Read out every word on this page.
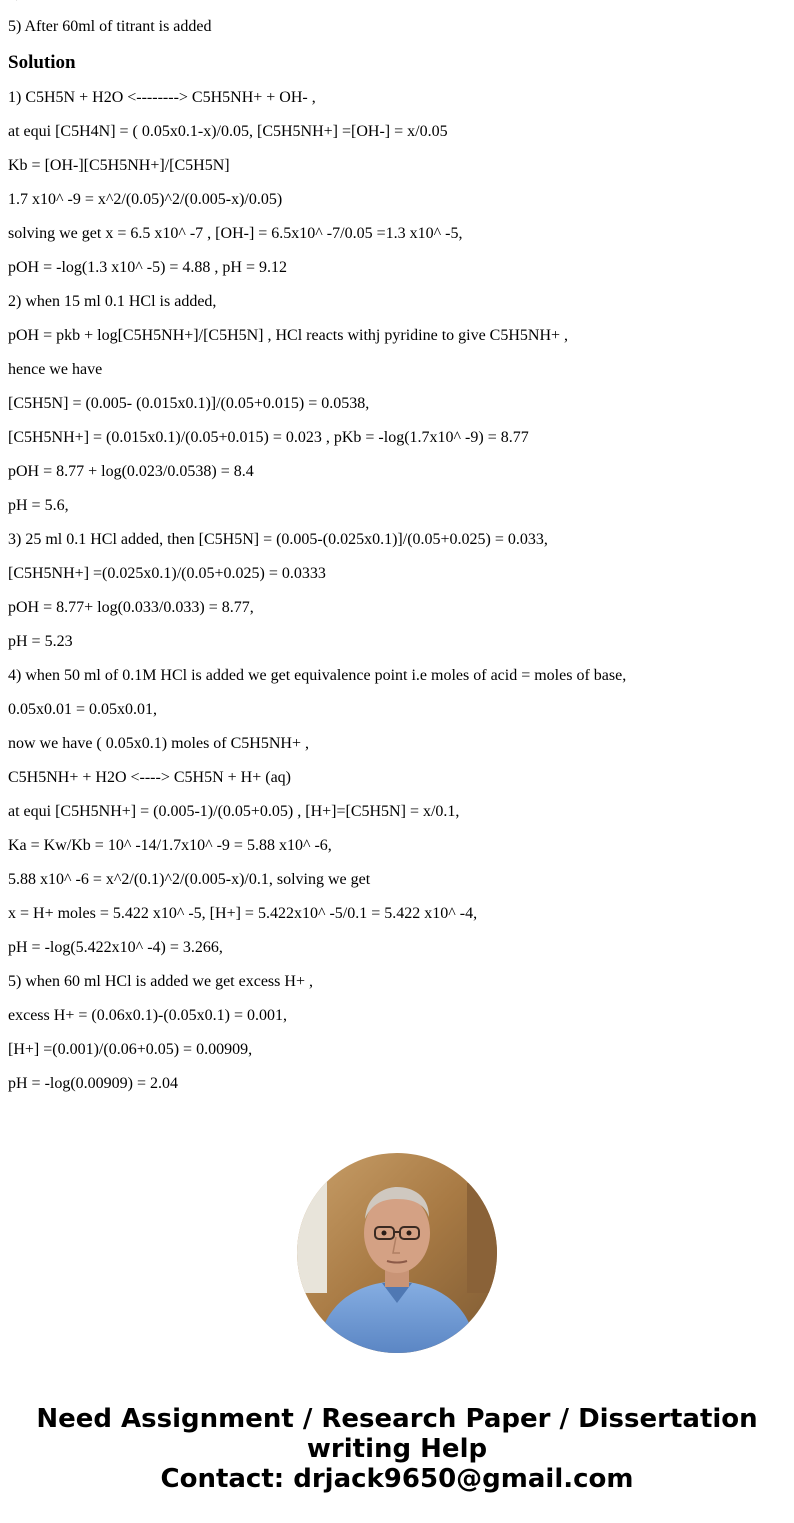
5) After 60ml of titrant is added

Solution

1) C5H5N + H2O <--------> C5H5NH+ + OH- ,

at equi [C5H4N] = ( 0.05x0.1-x)/0.05, [C5H5NH+] =[OH-] = x/0.05

Kb = [OH-][C5H5NH+]/[C5H5N]

1.7 x10^ -9 = x^2/(0.05)^2/(0.005-x)/0.05)

solving we get x = 6.5 x10^ -7 , [OH-] = 6.5x10^ -7/0.05 =1.3 x10^ -5,

pOH = -log(1.3 x10^ -5) = 4.88 , pH = 9.12

2) when 15 ml 0.1 HCl is added,

pOH = pkb + log[C5H5NH+]/[C5H5N] , HCl reacts withj pyridine to give C5H5NH+ ,

hence we have

[C5H5N] = (0.005- (0.015x0.1)]/(0.05+0.015) = 0.0538,

[C5H5NH+] = (0.015x0.1)/(0.05+0.015) = 0.023 , pKb = -log(1.7x10^ -9) = 8.77

pOH = 8.77 + log(0.023/0.0538) = 8.4

pH = 5.6,

3) 25 ml 0.1 HCl added, then [C5H5N] = (0.005-(0.025x0.1)]/(0.05+0.025) = 0.033,

[C5H5NH+] =(0.025x0.1)/(0.05+0.025) = 0.0333

pOH = 8.77+ log(0.033/0.033) = 8.77,

pH = 5.23

4) when 50 ml of 0.1M HCl is added we get equivalence point i.e moles of acid = moles of base,

0.05x0.01 = 0.05x0.01,

now we have ( 0.05x0.1) moles of C5H5NH+ ,

C5H5NH+ + H2O <----> C5H5N + H+ (aq)

at equi [C5H5NH+] = (0.005-1)/(0.05+0.05) , [H+]=[C5H5N] = x/0.1,

Ka = Kw/Kb = 10^ -14/1.7x10^ -9 = 5.88 x10^ -6,

5.88 x10^ -6 = x^2/(0.1)^2/(0.005-x)/0.1, solving we get

x = H+ moles = 5.422 x10^ -5, [H+] = 5.422x10^ -5/0.1 = 5.422 x10^ -4,

pH = -log(5.422x10^ -4) = 3.266,

5) when 60 ml HCl is added we get excess H+ ,

excess H+ = (0.06x0.1)-(0.05x0.1) = 0.001,

[H+] =(0.001)/(0.06+0.05) = 0.00909,

pH = -log(0.00909) = 2.04

Need Assignment / Research Paper / Dissertation
writing Help
Contact: drjack9650@gmail.com
